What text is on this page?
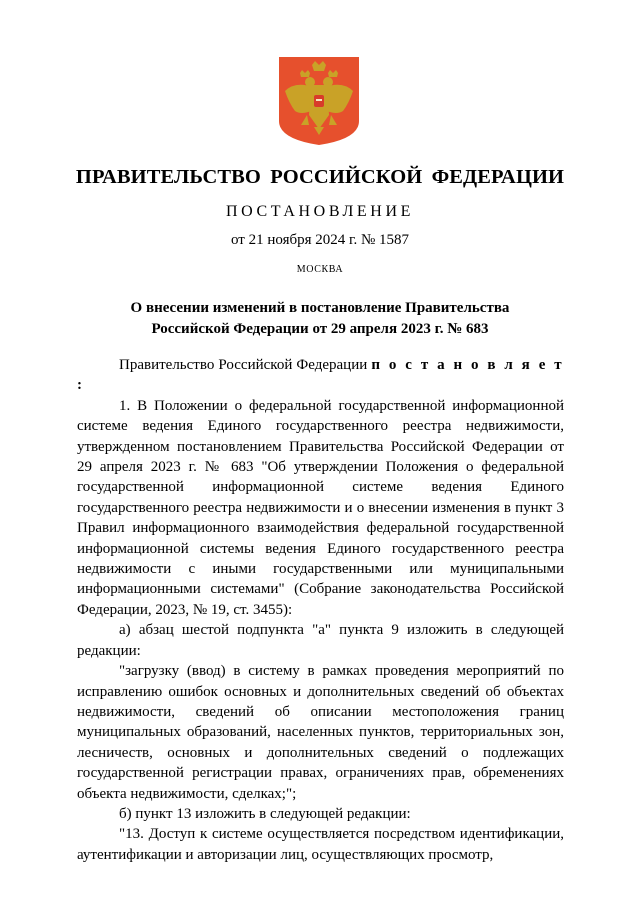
ПРАВИТЕЛЬСТВО РОССИЙСКОЙ ФЕДЕРАЦИИ
ПОСТАНОВЛЕНИЕ
от 21 ноября 2024 г. № 1587
МОСКВА
О внесении изменений в постановление Правительства
Российской Федерации от 29 апреля 2023 г. № 683

Правительство Российской Федерации п о с т а н о в л я е т :

1. В Положении о федеральной государственной информационной системе ведения Единого государственного реестра недвижимости, утвержденном постановлением Правительства Российской Федерации от 29 апреля 2023 г. № 683 "Об утверждении Положения о федеральной государственной информационной системе ведения Единого государственного реестра недвижимости и о внесении изменения в пункт 3 Правил информационного взаимодействия федеральной государственной информационной системы ведения Единого государственного реестра недвижимости с иными государственными или муниципальными информационными системами" (Собрание законодательства Российской Федерации, 2023, № 19, ст. 3455):

а) абзац шестой подпункта "а" пункта 9 изложить в следующей редакции:

"загрузку (ввод) в систему в рамках проведения мероприятий по исправлению ошибок основных и дополнительных сведений об объектах недвижимости, сведений об описании местоположения границ муниципальных образований, населенных пунктов, территориальных зон, лесничеств, основных и дополнительных сведений о подлежащих государственной регистрации правах, ограничениях прав, обременениях объекта недвижимости, сделках;";

б) пункт 13 изложить в следующей редакции:

"13. Доступ к системе осуществляется посредством идентификации, аутентификации и авторизации лиц, осуществляющих просмотр,
